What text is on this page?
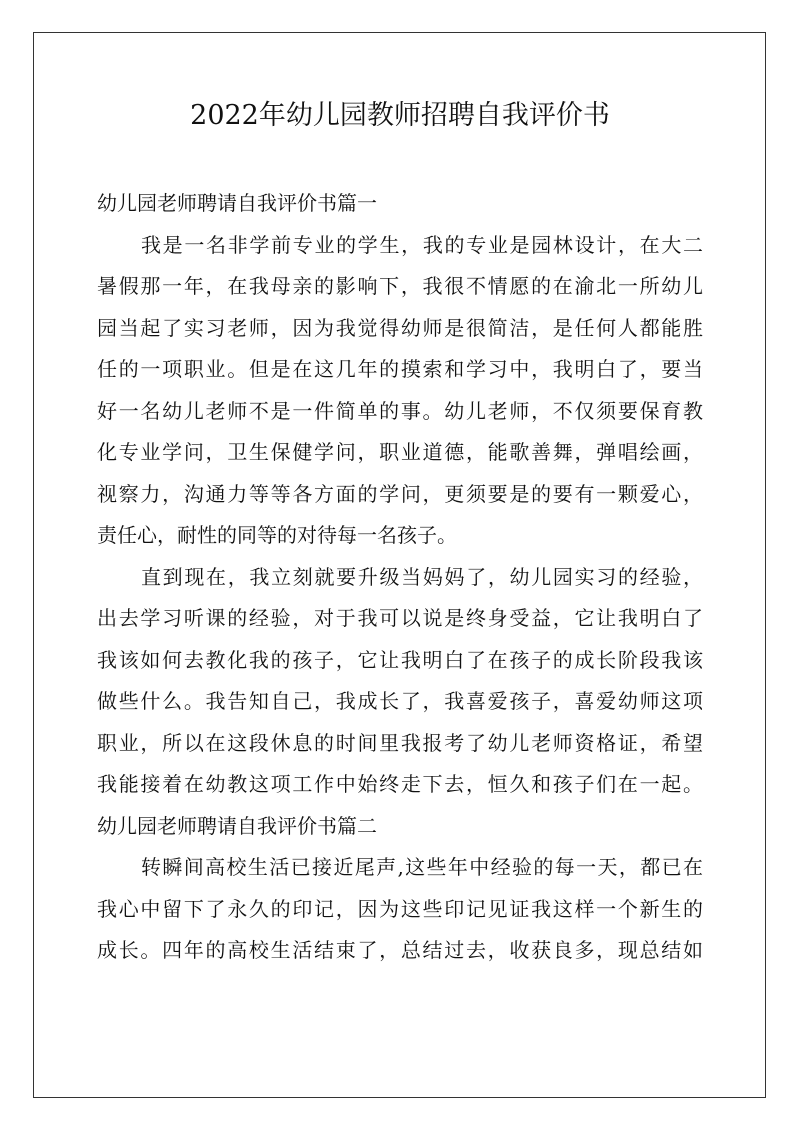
2022年幼儿园教师招聘自我评价书
幼儿园老师聘请自我评价书篇一
我是一名非学前专业的学生，我的专业是园林设计，在大二
暑假那一年，在我母亲的影响下，我很不情愿的在渝北一所幼儿
园当起了实习老师，因为我觉得幼师是很简洁，是任何人都能胜
任的一项职业。但是在这几年的摸索和学习中，我明白了，要当
好一名幼儿老师不是一件简单的事。幼儿老师，不仅须要保育教
化专业学问，卫生保健学问，职业道德，能歌善舞，弹唱绘画，
视察力，沟通力等等各方面的学问，更须要是的要有一颗爱心，
责任心，耐性的同等的对待每一名孩子。
直到现在，我立刻就要升级当妈妈了，幼儿园实习的经验，
出去学习听课的经验，对于我可以说是终身受益，它让我明白了
我该如何去教化我的孩子，它让我明白了在孩子的成长阶段我该
做些什么。我告知自己，我成长了，我喜爱孩子，喜爱幼师这项
职业，所以在这段休息的时间里我报考了幼儿老师资格证，希望
我能接着在幼教这项工作中始终走下去，恒久和孩子们在一起。
幼儿园老师聘请自我评价书篇二
转瞬间高校生活已接近尾声,这些年中经验的每一天，都已在
我心中留下了永久的印记，因为这些印记见证我这样一个新生的
成长。四年的高校生活结束了，总结过去，收获良多，现总结如
